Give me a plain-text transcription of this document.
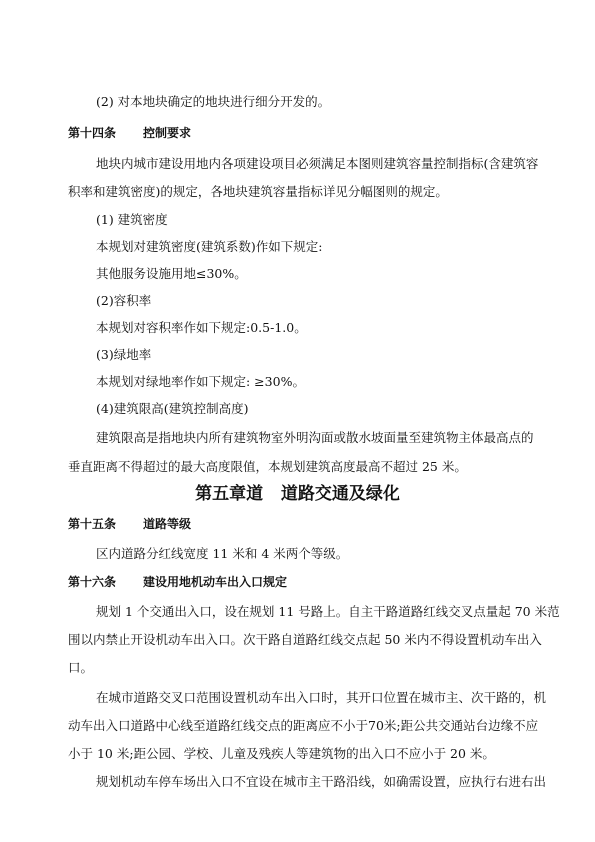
(2) 对本地块确定的地块进行细分开发的。
第十四条 控制要求
地块内城市建设用地内各项建设项目必须满足本图则建筑容量控制指标(含建筑容
积率和建筑密度)的规定，各地块建筑容量指标详见分幅图则的规定。
(1) 建筑密度
本规划对建筑密度(建筑系数)作如下规定:
其他服务设施用地≤30%。
(2)容积率
本规划对容积率作如下规定:0.5-1.0。
(3)绿地率
本规划对绿地率作如下规定: ≥30%。
(4)建筑限高(建筑控制高度)
建筑限高是指地块内所有建筑物室外明沟面或散水坡面量至建筑物主体最高点的
垂直距离不得超过的最大高度限值，本规划建筑高度最高不超过 25 米。
第五章道   道路交通及绿化
第十五条 道路等级
区内道路分红线宽度 11 米和 4 米两个等级。
第十六条 建设用地机动车出入口规定
规划 1 个交通出入口，设在规划 11 号路上。自主干路道路红线交叉点量起 70 米范
围以内禁止开设机动车出入口。次干路自道路红线交点起 50 米内不得设置机动车出入
口。
在城市道路交叉口范围设置机动车出入口时，其开口位置在城市主、次干路的，机
动车出入口道路中心线至道路红线交点的距离应不小于70米;距公共交通站台边缘不应
小于 10 米;距公园、学校、儿童及残疾人等建筑物的出入口不应小于 20 米。
规划机动车停车场出入口不宜设在城市主干路沿线，如确需设置，应执行右进右出
